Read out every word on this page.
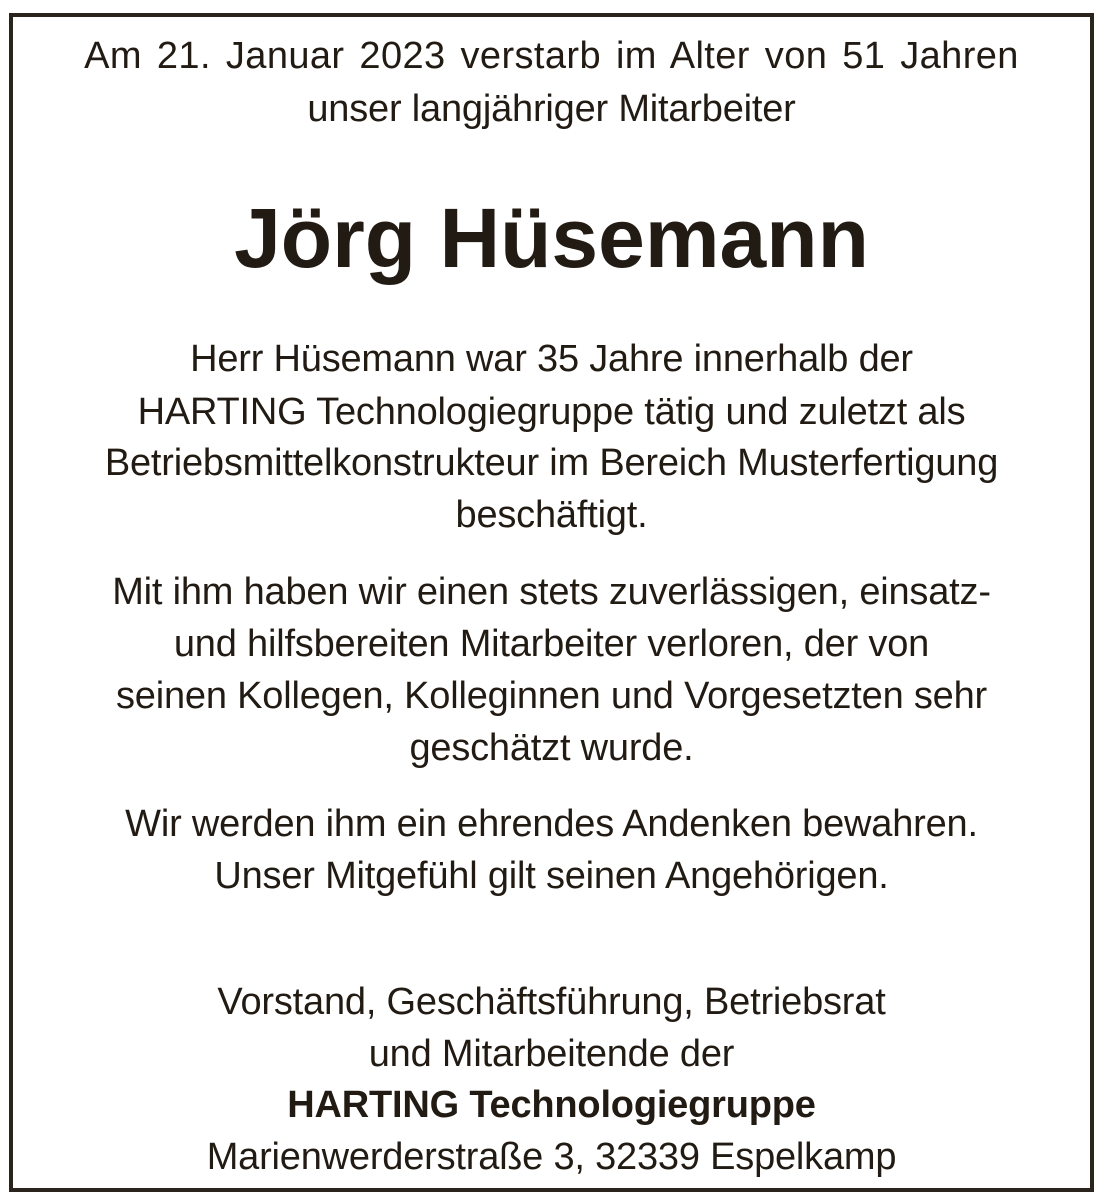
Am 21. Januar 2023 verstarb im Alter von 51 Jahren
unser langjähriger Mitarbeiter
Jörg Hüsemann
Herr Hüsemann war 35 Jahre innerhalb der
HARTING Technologiegruppe tätig und zuletzt als
Betriebsmittelkonstrukteur im Bereich Musterfertigung
beschäftigt.
Mit ihm haben wir einen stets zuverlässigen, einsatz-
und hilfsbereiten Mitarbeiter verloren, der von
seinen Kollegen, Kolleginnen und Vorgesetzten sehr
geschätzt wurde.
Wir werden ihm ein ehrendes Andenken bewahren.
Unser Mitgefühl gilt seinen Angehörigen.
Vorstand, Geschäftsführung, Betriebsrat
und Mitarbeitende der
HARTING Technologiegruppe
Marienwerderstraße 3, 32339 Espelkamp
